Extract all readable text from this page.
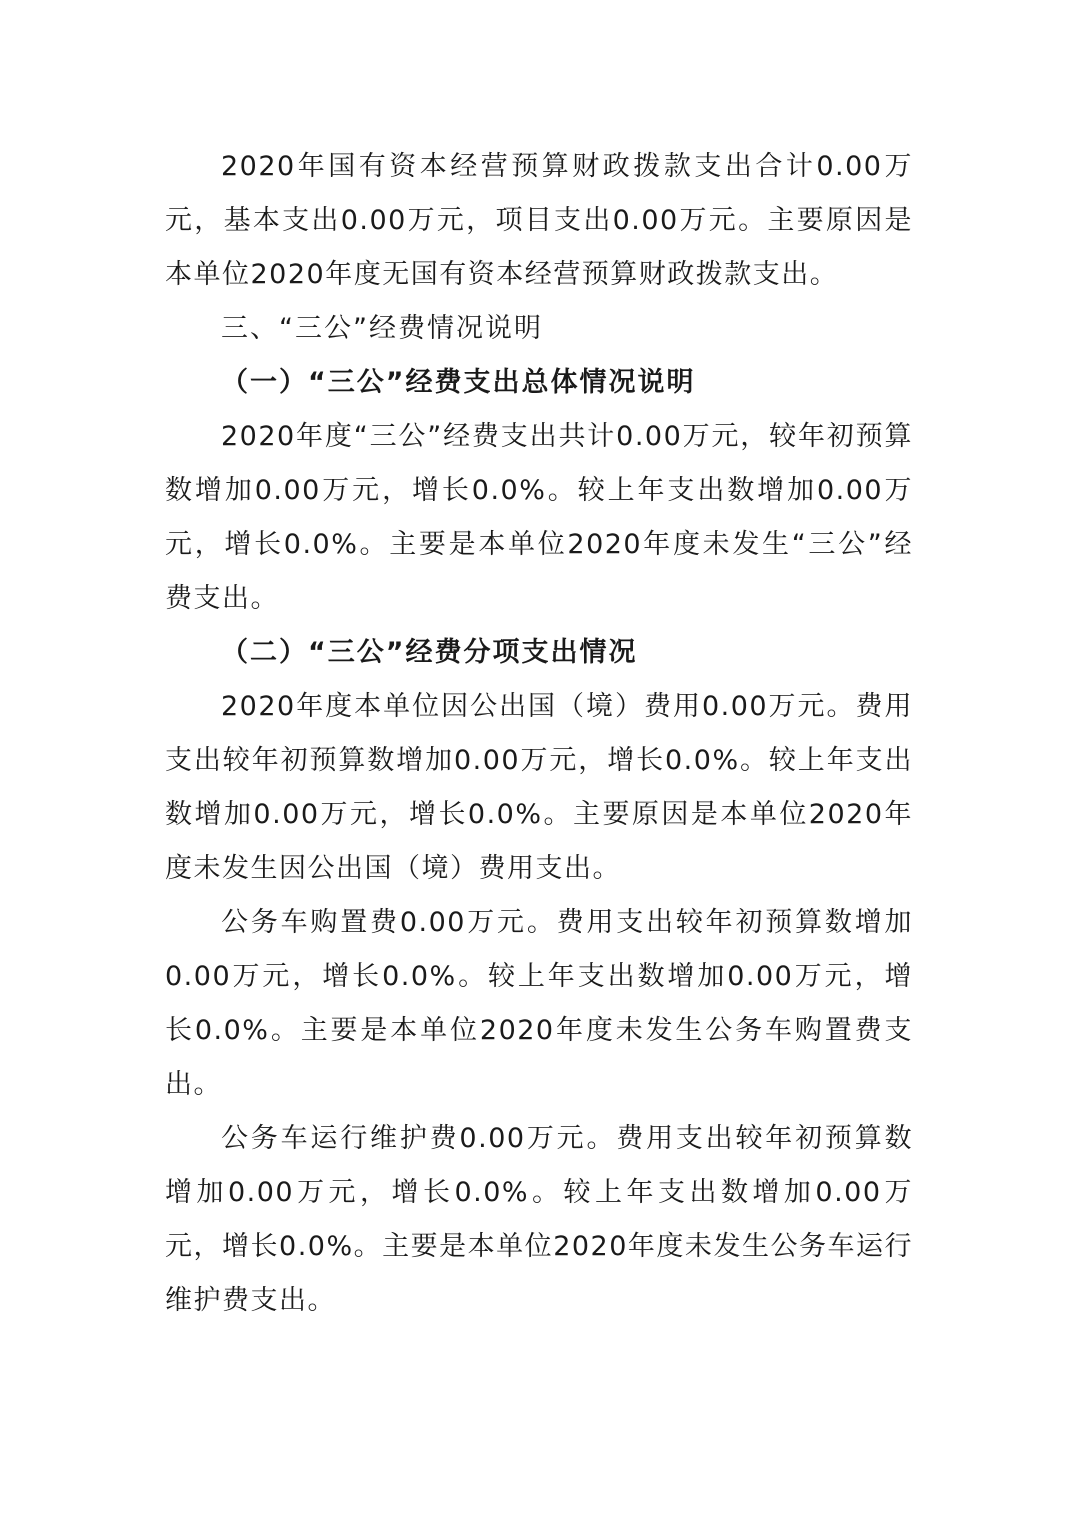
2020年国有资本经营预算财政拨款支出合计0.00万元，基本支出0.00万元，项目支出0.00万元。主要原因是本单位2020年度无国有资本经营预算财政拨款支出。

三、“三公”经费情况说明

（一）“三公”经费支出总体情况说明

2020年度“三公”经费支出共计0.00万元，较年初预算数增加0.00万元，增长0.0%。较上年支出数增加0.00万 元，增长0.0%。主要是本单位2020年度未发生“三公”经费支出。

（二）“三公”经费分项支出情况

2020年度本单位因公出国（境）费用0.00万元。费用支出较年初预算数增加0.00万元，增长0.0%。较上年支出数增加0.00万元，增长0.0%。主要原因是本单位2020年度未发生因公出国（境）费用支出。

公务车购置费0.00万元。费用支出较年初预算数增加0.00万元，增长0.0%。较上年支出数增加0.00万元，增长0.0%。主要是本单位2020年度未发生公务车购置费支出。

公务车运行维护费0.00万元。费用支出较年初预算数增加0.00万元，增长0.0%。较上年支出数增加0.00万元，增长0.0%。主要是本单位2020年度未发生公务车运行维护费支出。
